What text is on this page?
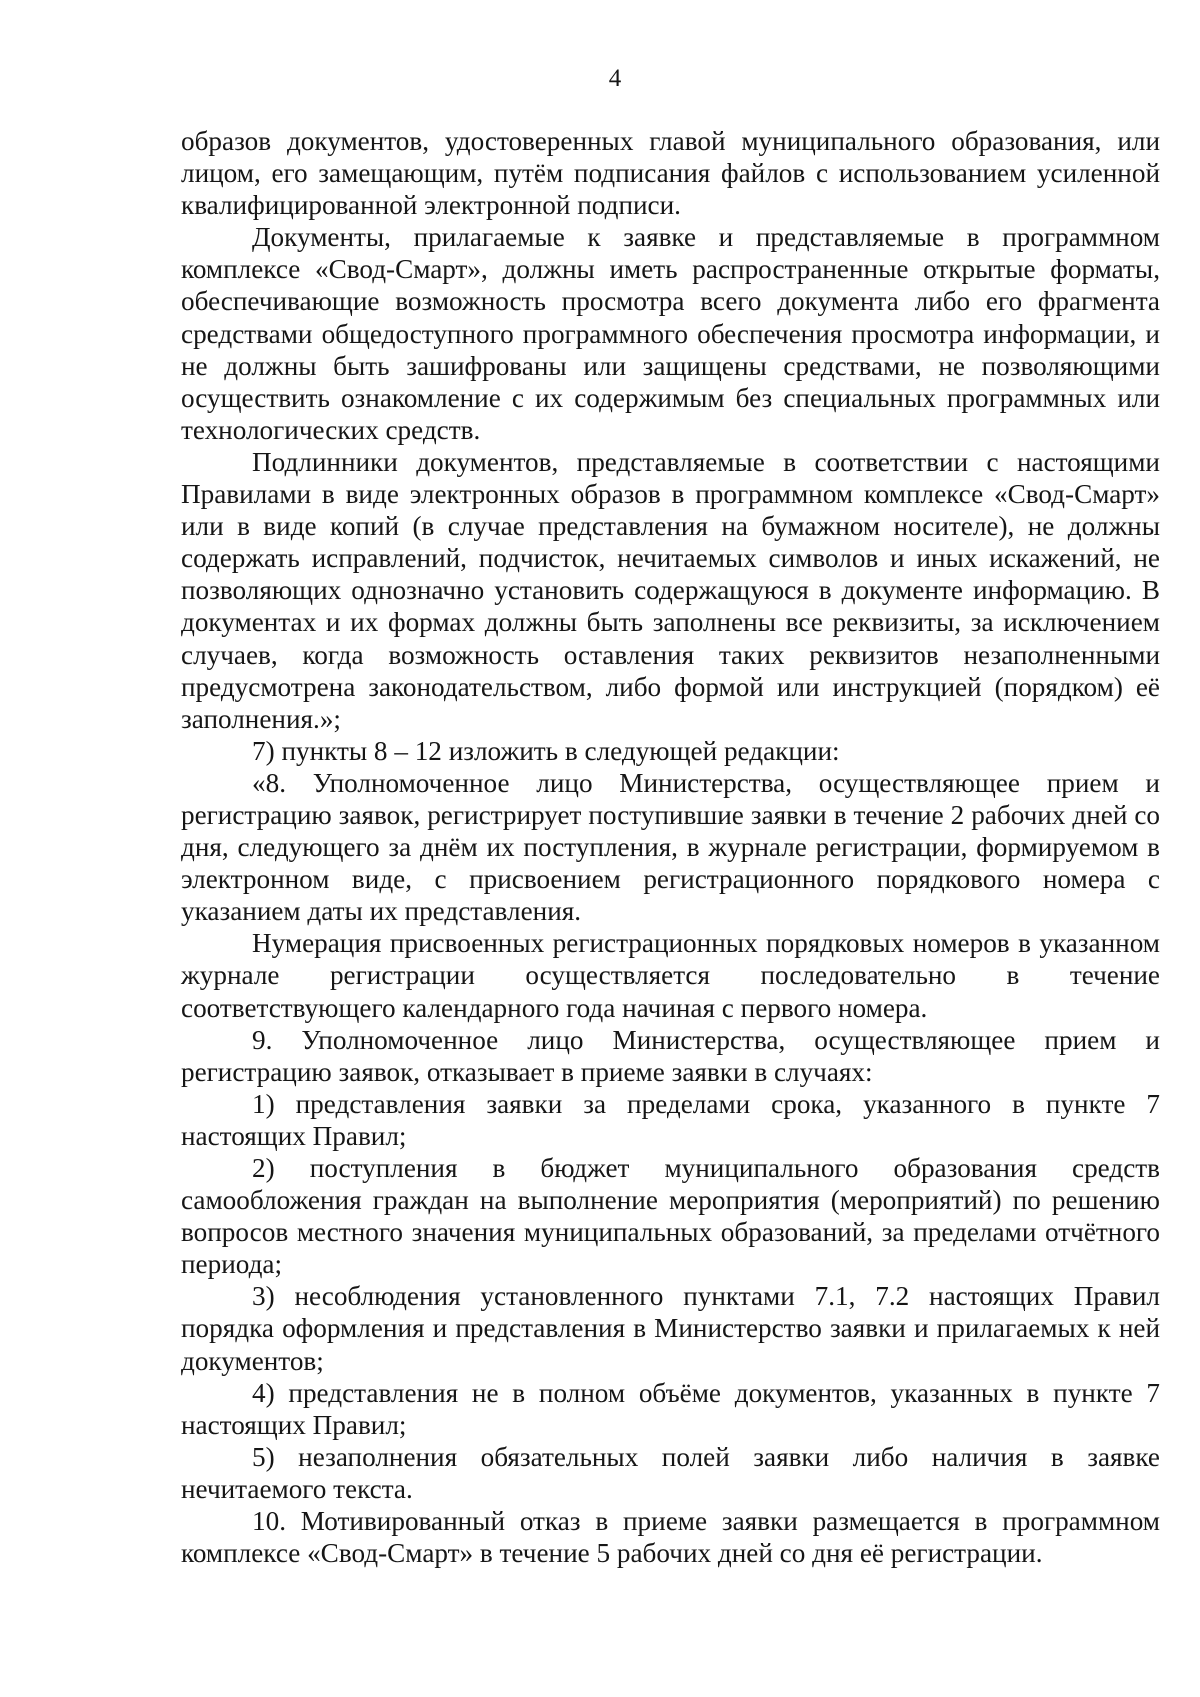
4

образов документов, удостоверенных главой муниципального образования, или лицом, его замещающим, путём подписания файлов с использованием усиленной квалифицированной электронной подписи.

Документы, прилагаемые к заявке и представляемые в программном комплексе «Свод-Смарт», должны иметь распространенные открытые форматы, обеспечивающие возможность просмотра всего документа либо его фрагмента средствами общедоступного программного обеспечения просмотра информации, и не должны быть зашифрованы или защищены средствами, не позволяющими осуществить ознакомление с их содержимым без специальных программных или технологических средств.

Подлинники документов, представляемые в соответствии с настоящими Правилами в виде электронных образов в программном комплексе «Свод-Смарт» или в виде копий (в случае представления на бумажном носителе), не должны содержать исправлений, подчисток, нечитаемых символов и иных искажений, не позволяющих однозначно установить содержащуюся в документе информацию. В документах и их формах должны быть заполнены все реквизиты, за исключением случаев, когда возможность оставления таких реквизитов незаполненными предусмотрена законодательством, либо формой или инструкцией (порядком) её заполнения.»;

7) пункты 8 – 12 изложить в следующей редакции:

«8. Уполномоченное лицо Министерства, осуществляющее прием и регистрацию заявок, регистрирует поступившие заявки в течение 2 рабочих дней со дня, следующего за днём их поступления, в журнале регистрации, формируемом в электронном виде, с присвоением регистрационного порядкового номера с указанием даты их представления.

Нумерация присвоенных регистрационных порядковых номеров в указанном журнале регистрации осуществляется последовательно в течение соответствующего календарного года начиная с первого номера.

9. Уполномоченное лицо Министерства, осуществляющее прием и регистрацию заявок, отказывает в приеме заявки в случаях:

1) представления заявки за пределами срока, указанного в пункте 7 настоящих Правил;

2) поступления в бюджет муниципального образования средств самообложения граждан на выполнение мероприятия (мероприятий) по решению вопросов местного значения муниципальных образований, за пределами отчётного периода;

3) несоблюдения установленного пунктами 7.1, 7.2 настоящих Правил порядка оформления и представления в Министерство заявки и прилагаемых к ней документов;

4) представления не в полном объёме документов, указанных в пункте 7 настоящих Правил;

5) незаполнения обязательных полей заявки либо наличия в заявке нечитаемого текста.

10. Мотивированный отказ в приеме заявки размещается в программном комплексе «Свод-Смарт» в течение 5 рабочих дней со дня её регистрации.
